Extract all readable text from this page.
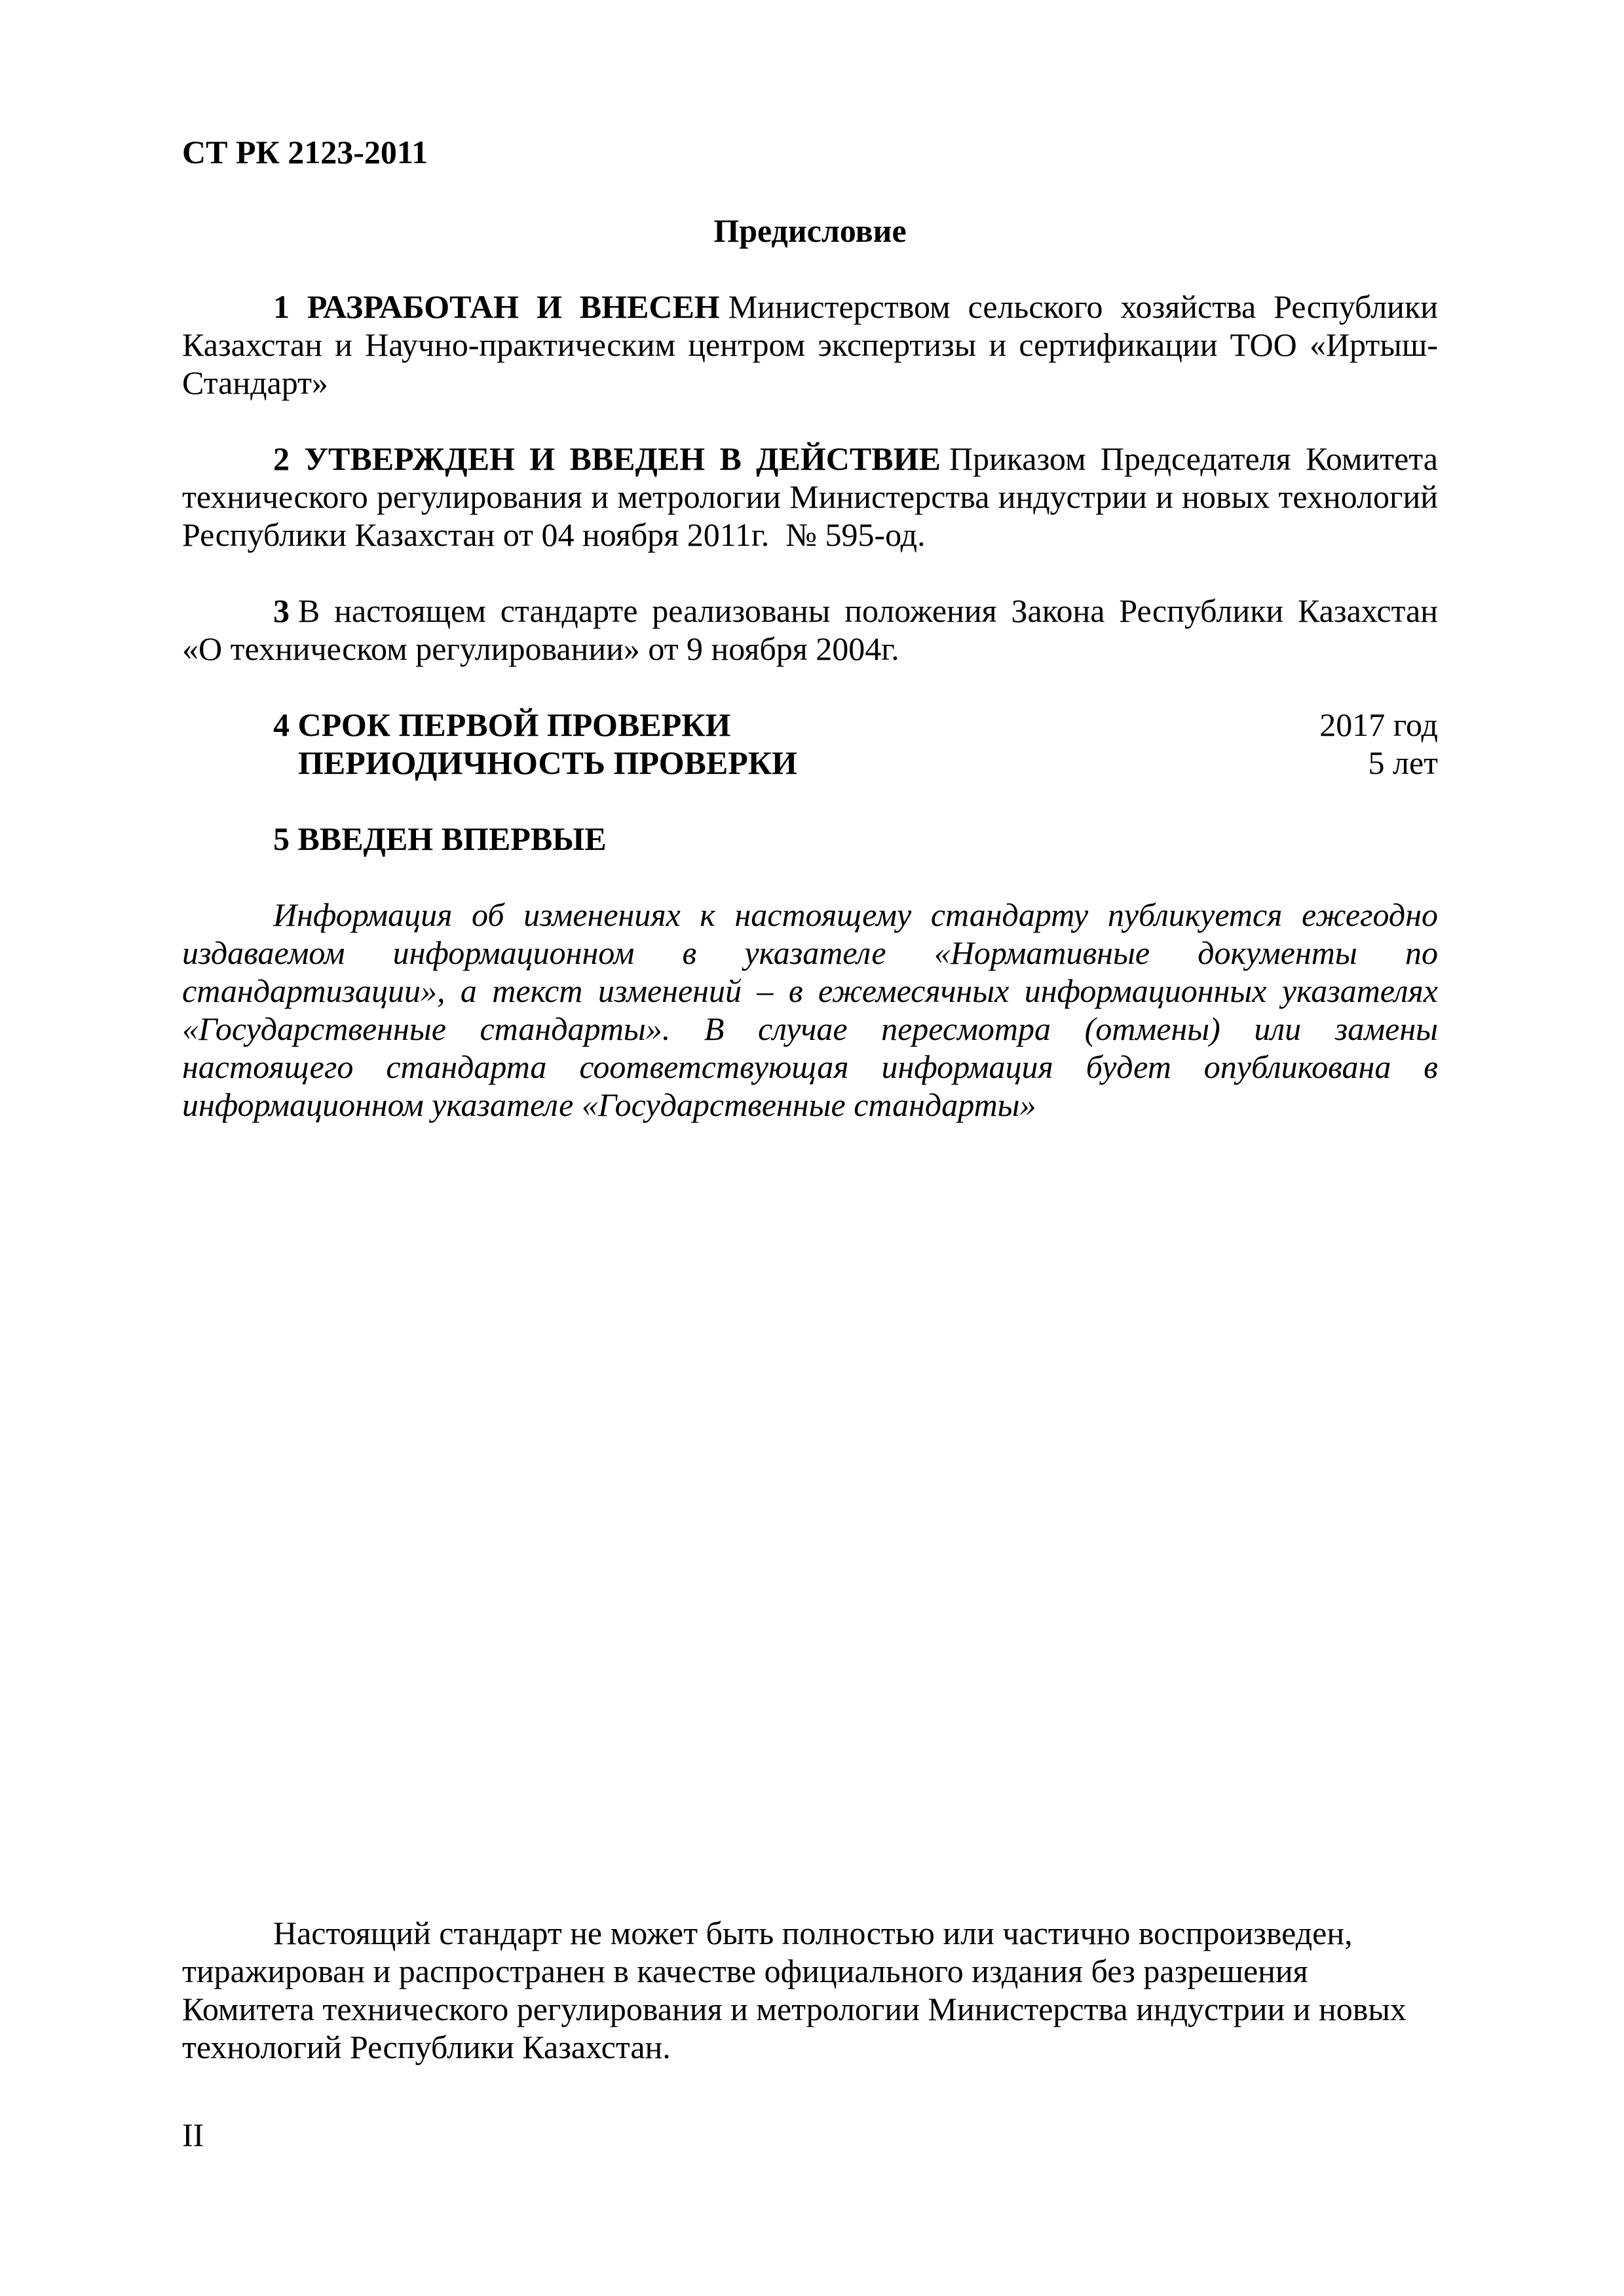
СТ РК 2123-2011
Предисловие

1 РАЗРАБОТАН И ВНЕСЕН Министерством сельского хозяйства Республики Казахстан и Научно-практическим центром экспертизы и сертификации ТОО «Иртыш-Стандарт»

2 УТВЕРЖДЕН И ВВЕДЕН В ДЕЙСТВИЕ Приказом Председателя Комитета технического регулирования и метрологии Министерства индустрии и новых технологий Республики Казахстан от 04 ноября 2011г.  № 595-од.

3 В настоящем стандарте реализованы положения Закона Республики Казахстан «О техническом регулировании» от 9 ноября 2004г.

4 СРОК ПЕРВОЙ ПРОВЕРКИ	2017 год
ПЕРИОДИЧНОСТЬ ПРОВЕРКИ	5 лет

5 ВВЕДЕН ВПЕРВЫЕ

Информация об изменениях к настоящему стандарту публикуется ежегодно издаваемом информационном в указателе «Нормативные документы по стандартизации», а текст изменений – в ежемесячных информационных указателях «Государственные стандарты». В случае пересмотра (отмены) или замены настоящего стандарта соответствующая информация будет опубликована в информационном указателе «Государственные стандарты»

Настоящий стандарт не может быть полностью или частично воспроизведен,
тиражирован и распространен в качестве официального издания без разрешения
Комитета технического регулирования и метрологии Министерства индустрии и новых
технологий Республики Казахстан.
II
